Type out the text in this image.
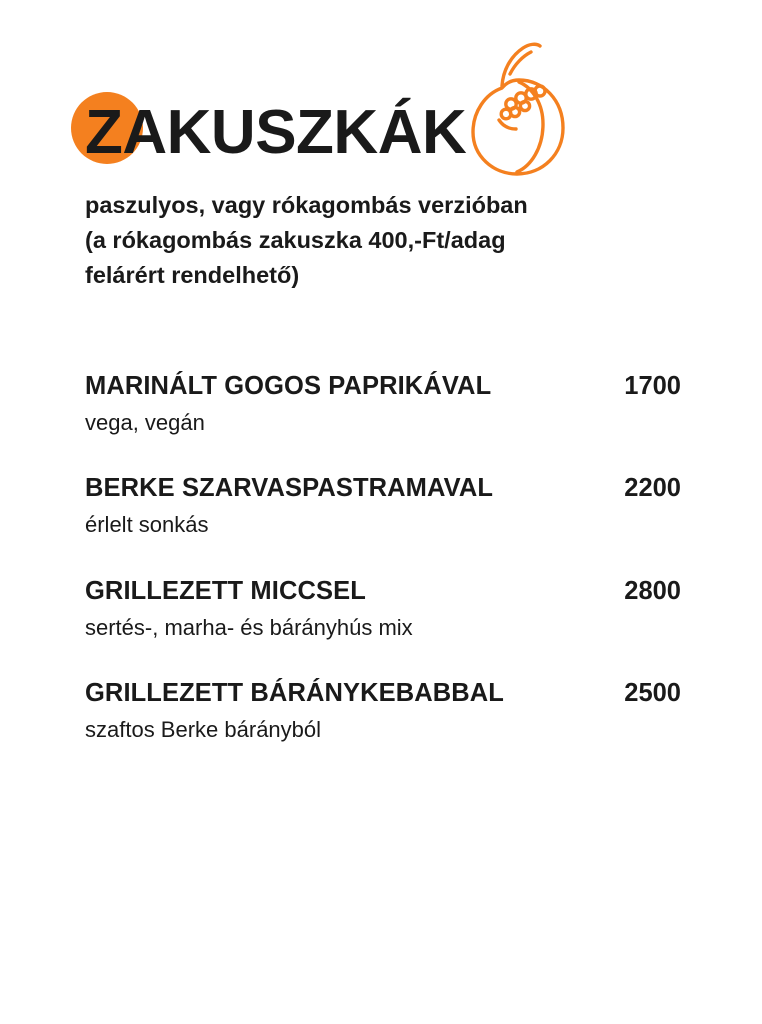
ZAKUSZKÁK
paszulyos, vagy rókagombás verzióban
(a rókagombás zakuszka 400,-Ft/adag
felárért rendelhető)
MARINÁLT GOGOS PAPRIKÁVAL	1700
vega, vegán
BERKE SZARVASPASTRAMAVAL	2200
érlelt sonkás
GRILLEZETT MICCSEL	2800
sertés-, marha- és bárányhús mix
GRILLEZETT BÁRÁNYKEBABBAL	2500
szaftos Berke bárányból
